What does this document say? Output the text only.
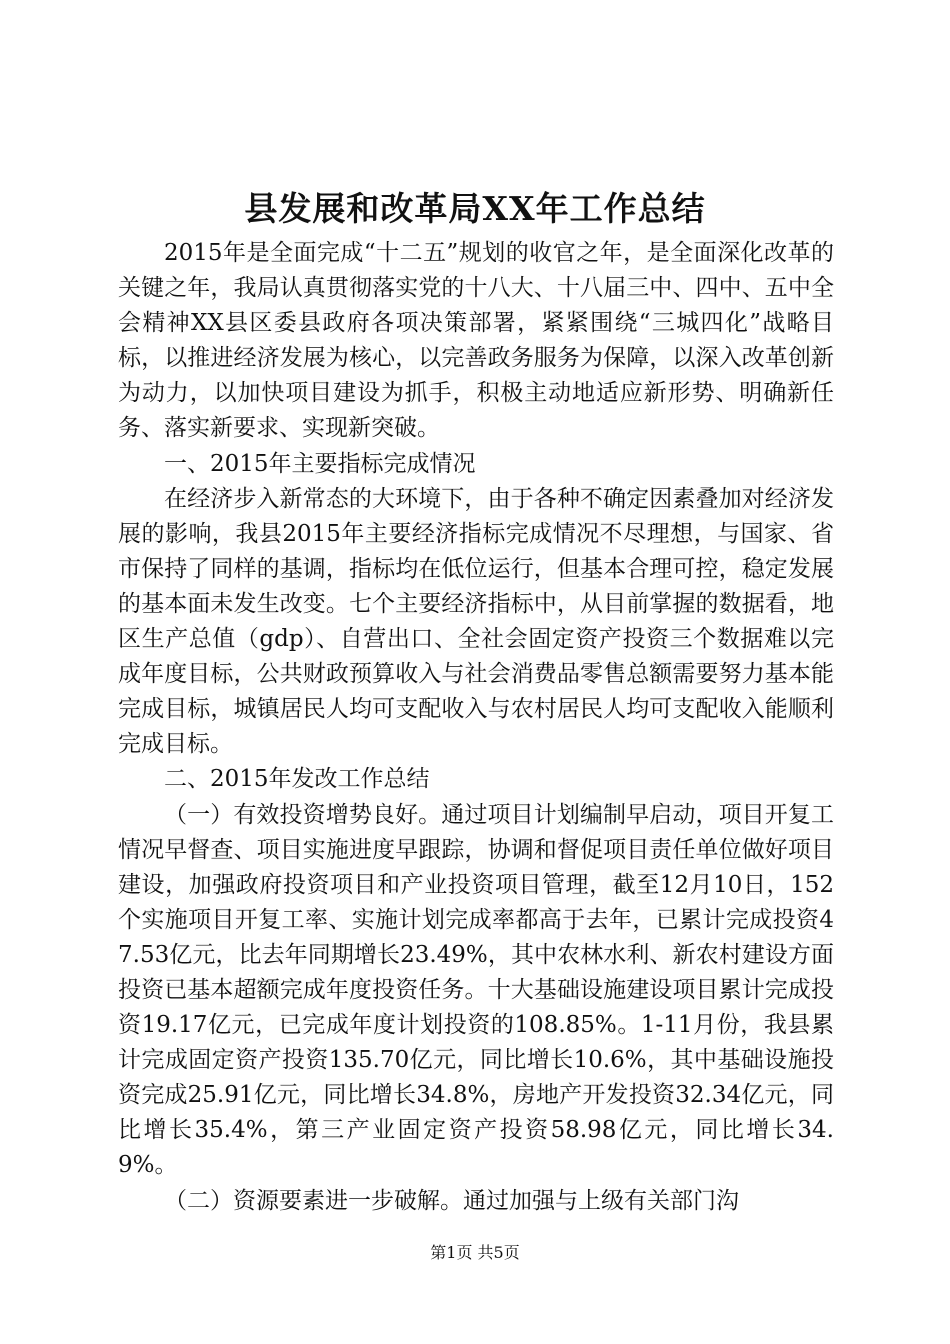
县发展和改革局XX年工作总结

2015年是全面完成“十二五”规划的收官之年，是全面深化改革的关键之年，我局认真贯彻落实党的十八大、十八届三中、四中、五中全会精神XX县区委县政府各项决策部署，紧紧围绕“三城四化”战略目标，以推进经济发展为核心，以完善政务服务为保障，以深入改革创新为动力，以加快项目建设为抓手，积极主动地适应新形势、明确新任务、落实新要求、实现新突破。

一、2015年主要指标完成情况

在经济步入新常态的大环境下，由于各种不确定因素叠加对经济发展的影响，我县2015年主要经济指标完成情况不尽理想，与国家、省市保持了同样的基调，指标均在低位运行，但基本合理可控，稳定发展的基本面未发生改变。七个主要经济指标中，从目前掌握的数据看，地区生产总值（gdp）、自营出口、全社会固定资产投资三个数据难以完成年度目标，公共财政预算收入与社会消费品零售总额需要努力基本能完成目标，城镇居民人均可支配收入与农村居民人均可支配收入能顺利完成目标。

二、2015年发改工作总结

（一）有效投资增势良好。通过项目计划编制早启动，项目开复工情况早督查、项目实施进度早跟踪，协调和督促项目责任单位做好项目建设，加强政府投资项目和产业投资项目管理，截至12月10日，152个实施项目开复工率、实施计划完成率都高于去年，已累计完成投资47.53亿元，比去年同期增长23.49%，其中农林水利、新农村建设方面投资已基本超额完成年度投资任务。十大基础设施建设项目累计完成投资19.17亿元，已完成年度计划投资的108.85%。1-11月份，我县累计完成固定资产投资135.70亿元，同比增长10.6%，其中基础设施投资完成25.91亿元，同比增长34.8%，房地产开发投资32.34亿元，同比增长35.4%，第三产业固定资产投资58.98亿元，同比增长34.9%。

（二）资源要素进一步破解。通过加强与上级有关部门沟

第1页 共5页
